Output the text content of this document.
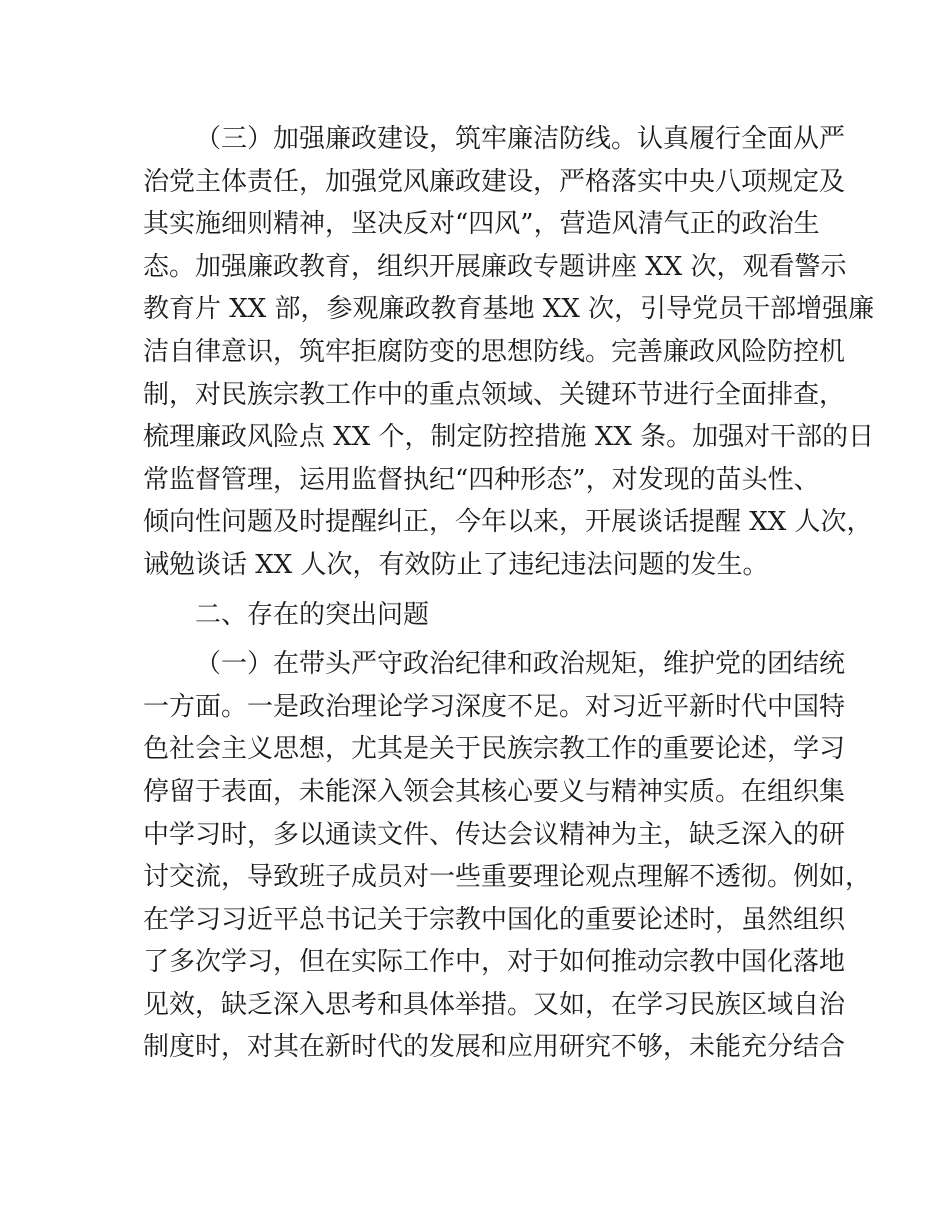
（三）加强廉政建设，筑牢廉洁防线。认真履行全面从严
治党主体责任，加强党风廉政建设，严格落实中央八项规定及
其实施细则精神，坚决反对“四风”，营造风清气正的政治生
态。加强廉政教育，组织开展廉政专题讲座 XX 次，观看警示
教育片 XX 部，参观廉政教育基地 XX 次，引导党员干部增强廉
洁自律意识，筑牢拒腐防变的思想防线。完善廉政风险防控机
制，对民族宗教工作中的重点领域、关键环节进行全面排查，
梳理廉政风险点 XX 个，制定防控措施 XX 条。加强对干部的日
常监督管理，运用监督执纪“四种形态”，对发现的苗头性、
倾向性问题及时提醒纠正，今年以来，开展谈话提醒 XX 人次，
诫勉谈话 XX 人次，有效防止了违纪违法问题的发生。
二、存在的突出问题
（一）在带头严守政治纪律和政治规矩，维护党的团结统
一方面。一是政治理论学习深度不足。对习近平新时代中国特
色社会主义思想，尤其是关于民族宗教工作的重要论述，学习
停留于表面，未能深入领会其核心要义与精神实质。在组织集
中学习时，多以通读文件、传达会议精神为主，缺乏深入的研
讨交流，导致班子成员对一些重要理论观点理解不透彻。例如，
在学习习近平总书记关于宗教中国化的重要论述时，虽然组织
了多次学习，但在实际工作中，对于如何推动宗教中国化落地
见效，缺乏深入思考和具体举措。又如，在学习民族区域自治
制度时，对其在新时代的发展和应用研究不够，未能充分结合
